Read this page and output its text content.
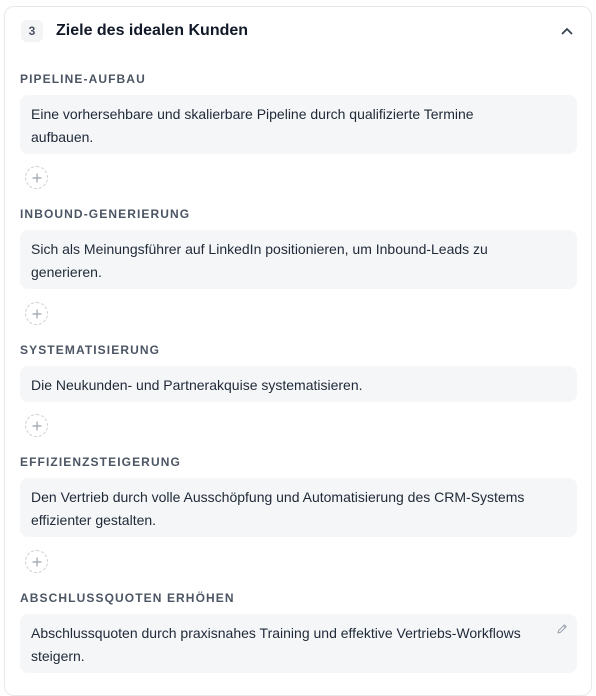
3	Ziele des idealen Kunden
PIPELINE-AUFBAU
Eine vorhersehbare und skalierbare Pipeline durch qualifizierte Termine aufbauen.
INBOUND-GENERIERUNG
Sich als Meinungsführer auf LinkedIn positionieren, um Inbound-Leads zu generieren.
SYSTEMATISIERUNG
Die Neukunden- und Partnerakquise systematisieren.
EFFIZIENZSTEIGERUNG
Den Vertrieb durch volle Ausschöpfung und Automatisierung des CRM-Systems effizienter gestalten.
ABSCHLUSSQUOTEN ERHÖHEN
Abschlussquoten durch praxisnahes Training und effektive Vertriebs-Workflows steigern.
